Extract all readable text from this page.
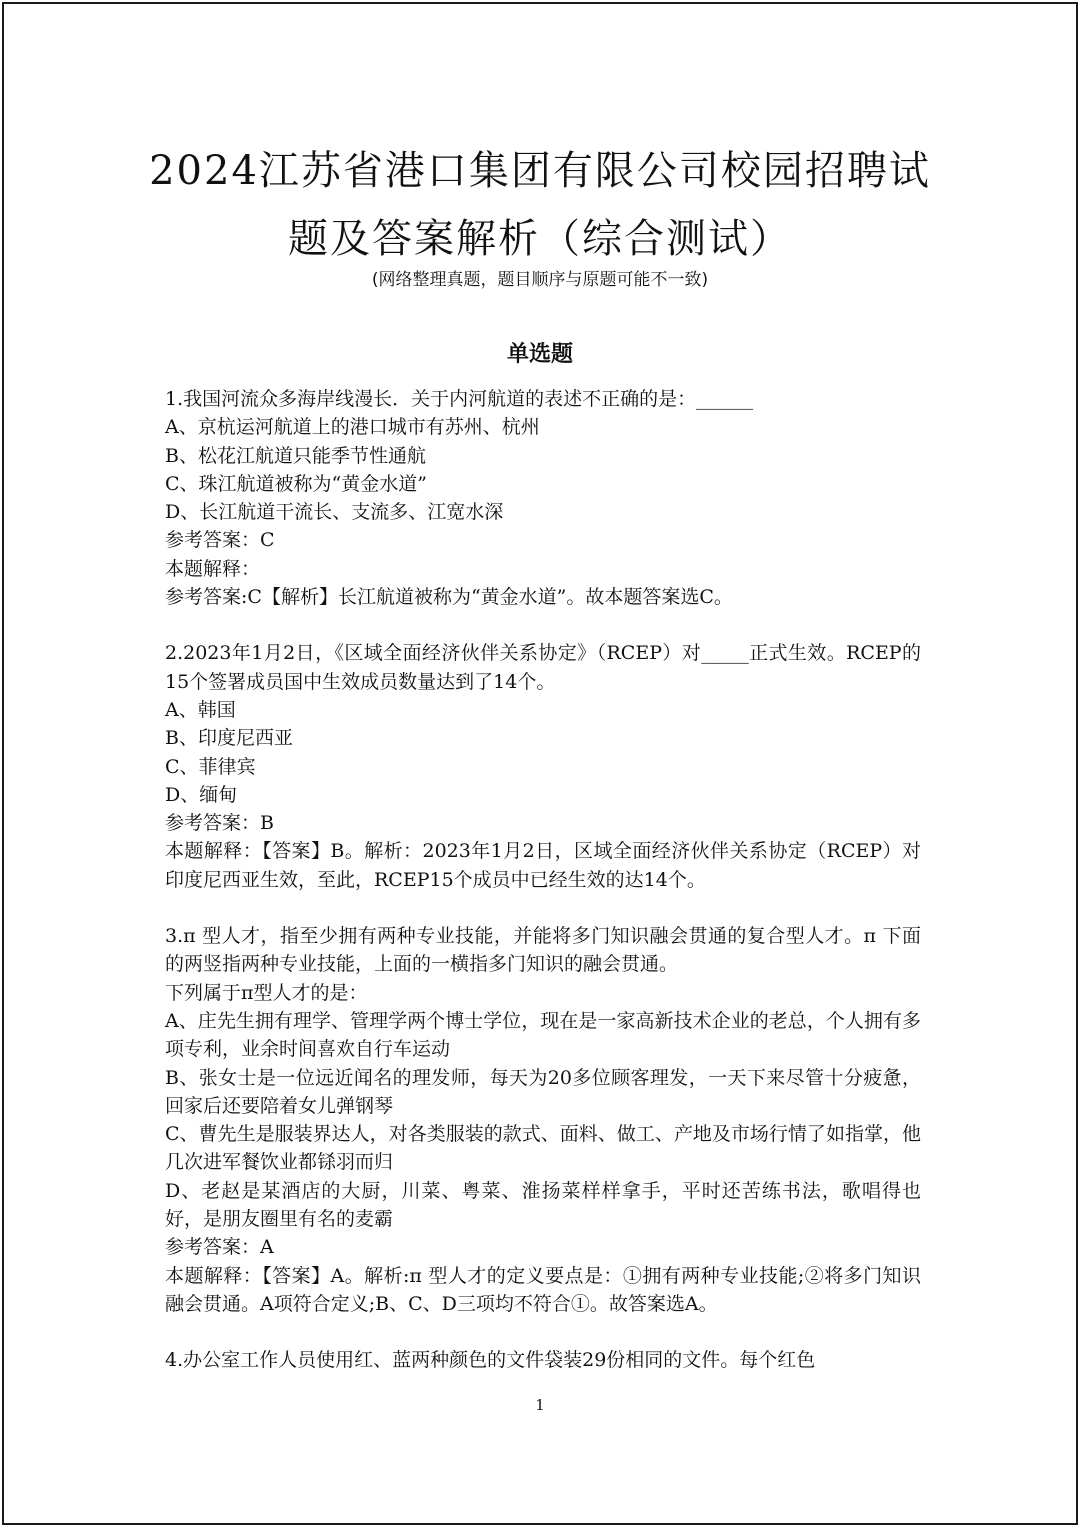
2024江苏省港口集团有限公司校园招聘试
题及答案解析（综合测试）
(网络整理真题，题目顺序与原题可能不一致)
单选题

1.我国河流众多海岸线漫长．关于内河航道的表述不正确的是：______

A、京杭运河航道上的港口城市有苏州、杭州

B、松花江航道只能季节性通航

C、珠江航道被称为“黄金水道”

D、长江航道干流长、支流多、江宽水深

参考答案：C

本题解释：

参考答案:C【解析】长江航道被称为“黄金水道”。故本题答案选C。

2.2023年1月2日，《区域全面经济伙伴关系协定》（RCEP）对_____正式生效。RCEP的15个签署成员国中生效成员数量达到了14个。

A、韩国

B、印度尼西亚

C、菲律宾

D、缅甸

参考答案：B

本题解释：【答案】B。解析：2023年1月2日，区域全面经济伙伴关系协定（RCEP）对印度尼西亚生效，至此，RCEP15个成员中已经生效的达14个。

3.π 型人才，指至少拥有两种专业技能，并能将多门知识融会贯通的复合型人才。π 下面的两竖指两种专业技能，上面的一横指多门知识的融会贯通。

下列属于π型人才的是：

A、庄先生拥有理学、管理学两个博士学位，现在是一家高新技术企业的老总，个人拥有多项专利，业余时间喜欢自行车运动

B、张女士是一位远近闻名的理发师，每天为20多位顾客理发，一天下来尽管十分疲惫，回家后还要陪着女儿弹钢琴

C、曹先生是服装界达人，对各类服装的款式、面料、做工、产地及市场行情了如指掌，他几次进军餐饮业都铩羽而归

D、老赵是某酒店的大厨，川菜、粤菜、淮扬菜样样拿手，平时还苦练书法，歌唱得也好，是朋友圈里有名的麦霸

参考答案：A

本题解释：【答案】A。解析:π 型人才的定义要点是：①拥有两种专业技能;②将多门知识融会贯通。A项符合定义;B、C、D三项均不符合①。故答案选A。

4.办公室工作人员使用红、蓝两种颜色的文件袋装29份相同的文件。每个红色

1
